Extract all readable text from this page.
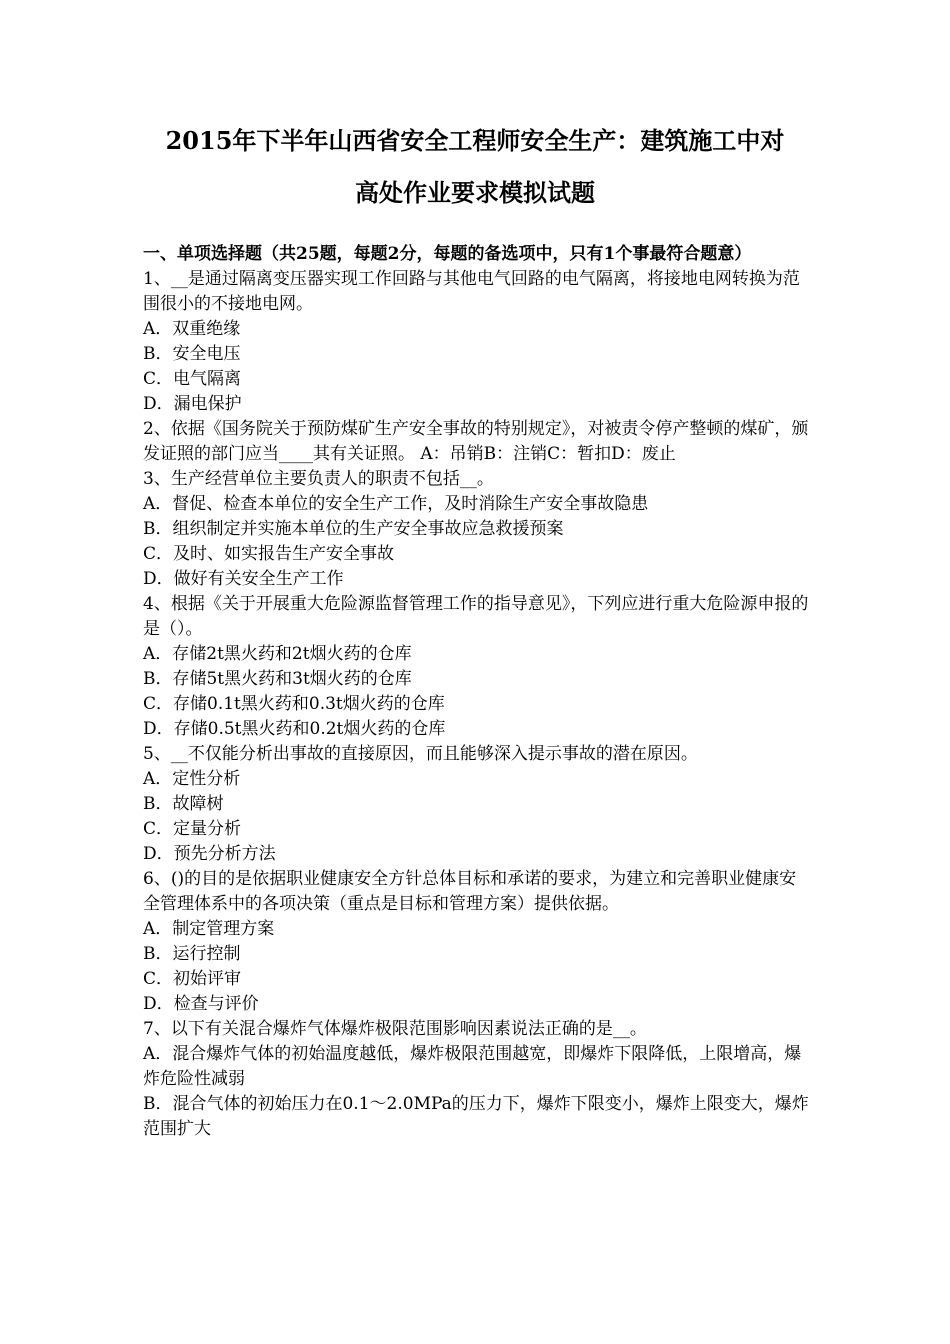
2015年下半年山西省安全工程师安全生产：建筑施工中对
高处作业要求模拟试题

一、单项选择题（共25题，每题2分，每题的备选项中，只有1个事最符合题意）

1、__是通过隔离变压器实现工作回路与其他电气回路的电气隔离，将接地电网转换为范围很小的不接地电网。

A．双重绝缘

B．安全电压

C．电气隔离

D．漏电保护

2、依据《国务院关于预防煤矿生产安全事故的特别规定》，对被责令停产整顿的煤矿，颁发证照的部门应当____其有关证照。 A：吊销B：注销C：暂扣D：废止

3、生产经营单位主要负责人的职责不包括__。

A．督促、检查本单位的安全生产工作，及时消除生产安全事故隐患

B．组织制定并实施本单位的生产安全事故应急救援预案

C．及时、如实报告生产安全事故

D．做好有关安全生产工作

4、根据《关于开展重大危险源监督管理工作的指导意见》，下列应进行重大危险源申报的是（）。

A．存储2t黑火药和2t烟火药的仓库

B．存储5t黑火药和3t烟火药的仓库

C．存储0.1t黑火药和0.3t烟火药的仓库

D．存储0.5t黑火药和0.2t烟火药的仓库

5、__不仅能分析出事故的直接原因，而且能够深入提示事故的潜在原因。

A．定性分析

B．故障树

C．定量分析

D．预先分析方法

6、()的目的是依据职业健康安全方针总体目标和承诺的要求，为建立和完善职业健康安全管理体系中的各项决策（重点是目标和管理方案）提供依据。

A．制定管理方案

B．运行控制

C．初始评审

D．检查与评价

7、以下有关混合爆炸气体爆炸极限范围影响因素说法正确的是__。

A．混合爆炸气体的初始温度越低，爆炸极限范围越宽，即爆炸下限降低，上限增高，爆炸危险性减弱

B．混合气体的初始压力在0.1～2.0MPa的压力下，爆炸下限变小，爆炸上限变大，爆炸范围扩大
